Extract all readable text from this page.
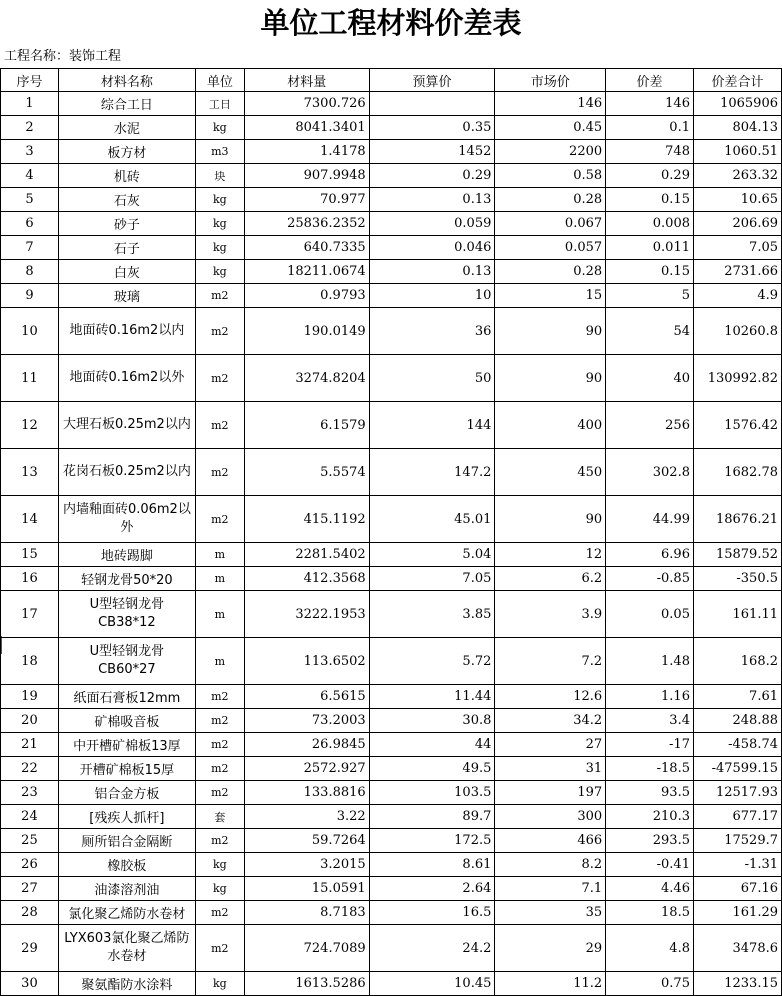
单位工程材料价差表
工程名称：装饰工程
序号	材料名称	单位	材料量	预算价	市场价	价差	价差合计
1	综合工日	工日	7300.726		146	146	1065906
2	水泥	kg	8041.3401	0.35	0.45	0.1	804.13
3	板方材	m3	1.4178	1452	2200	748	1060.51
4	机砖	块	907.9948	0.29	0.58	0.29	263.32
5	石灰	kg	70.977	0.13	0.28	0.15	10.65
6	砂子	kg	25836.2352	0.059	0.067	0.008	206.69
7	石子	kg	640.7335	0.046	0.057	0.011	7.05
8	白灰	kg	18211.0674	0.13	0.28	0.15	2731.66
9	玻璃	m2	0.9793	10	15	5	4.9
10	地面砖0.16m2以内	m2	190.0149	36	90	54	10260.8
11	地面砖0.16m2以外	m2	3274.8204	50	90	40	130992.82
12	大理石板0.25m2以内	m2	6.1579	144	400	256	1576.42
13	花岗石板0.25m2以内	m2	5.5574	147.2	450	302.8	1682.78
14	内墙釉面砖0.06m2以外	m2	415.1192	45.01	90	44.99	18676.21
15	地砖踢脚	m	2281.5402	5.04	12	6.96	15879.52
16	轻钢龙骨50*20	m	412.3568	7.05	6.2	-0.85	-350.5
17	U型轻钢龙骨CB38*12	m	3222.1953	3.85	3.9	0.05	161.11
18	U型轻钢龙骨CB60*27	m	113.6502	5.72	7.2	1.48	168.2
19	纸面石膏板12mm	m2	6.5615	11.44	12.6	1.16	7.61
20	矿棉吸音板	m2	73.2003	30.8	34.2	3.4	248.88
21	中开槽矿棉板13厚	m2	26.9845	44	27	-17	-458.74
22	开槽矿棉板15厚	m2	2572.927	49.5	31	-18.5	-47599.15
23	铝合金方板	m2	133.8816	103.5	197	93.5	12517.93
24	[残疾人抓杆]	套	3.22	89.7	300	210.3	677.17
25	厕所铝合金隔断	m2	59.7264	172.5	466	293.5	17529.7
26	橡胶板	kg	3.2015	8.61	8.2	-0.41	-1.31
27	油漆溶剂油	kg	15.0591	2.64	7.1	4.46	67.16
28	氯化聚乙烯防水卷材	m2	8.7183	16.5	35	18.5	161.29
29	LYX603氯化聚乙烯防水卷材	m2	724.7089	24.2	29	4.8	3478.6
30	聚氨酯防水涂料	kg	1613.5286	10.45	11.2	0.75	1233.15
